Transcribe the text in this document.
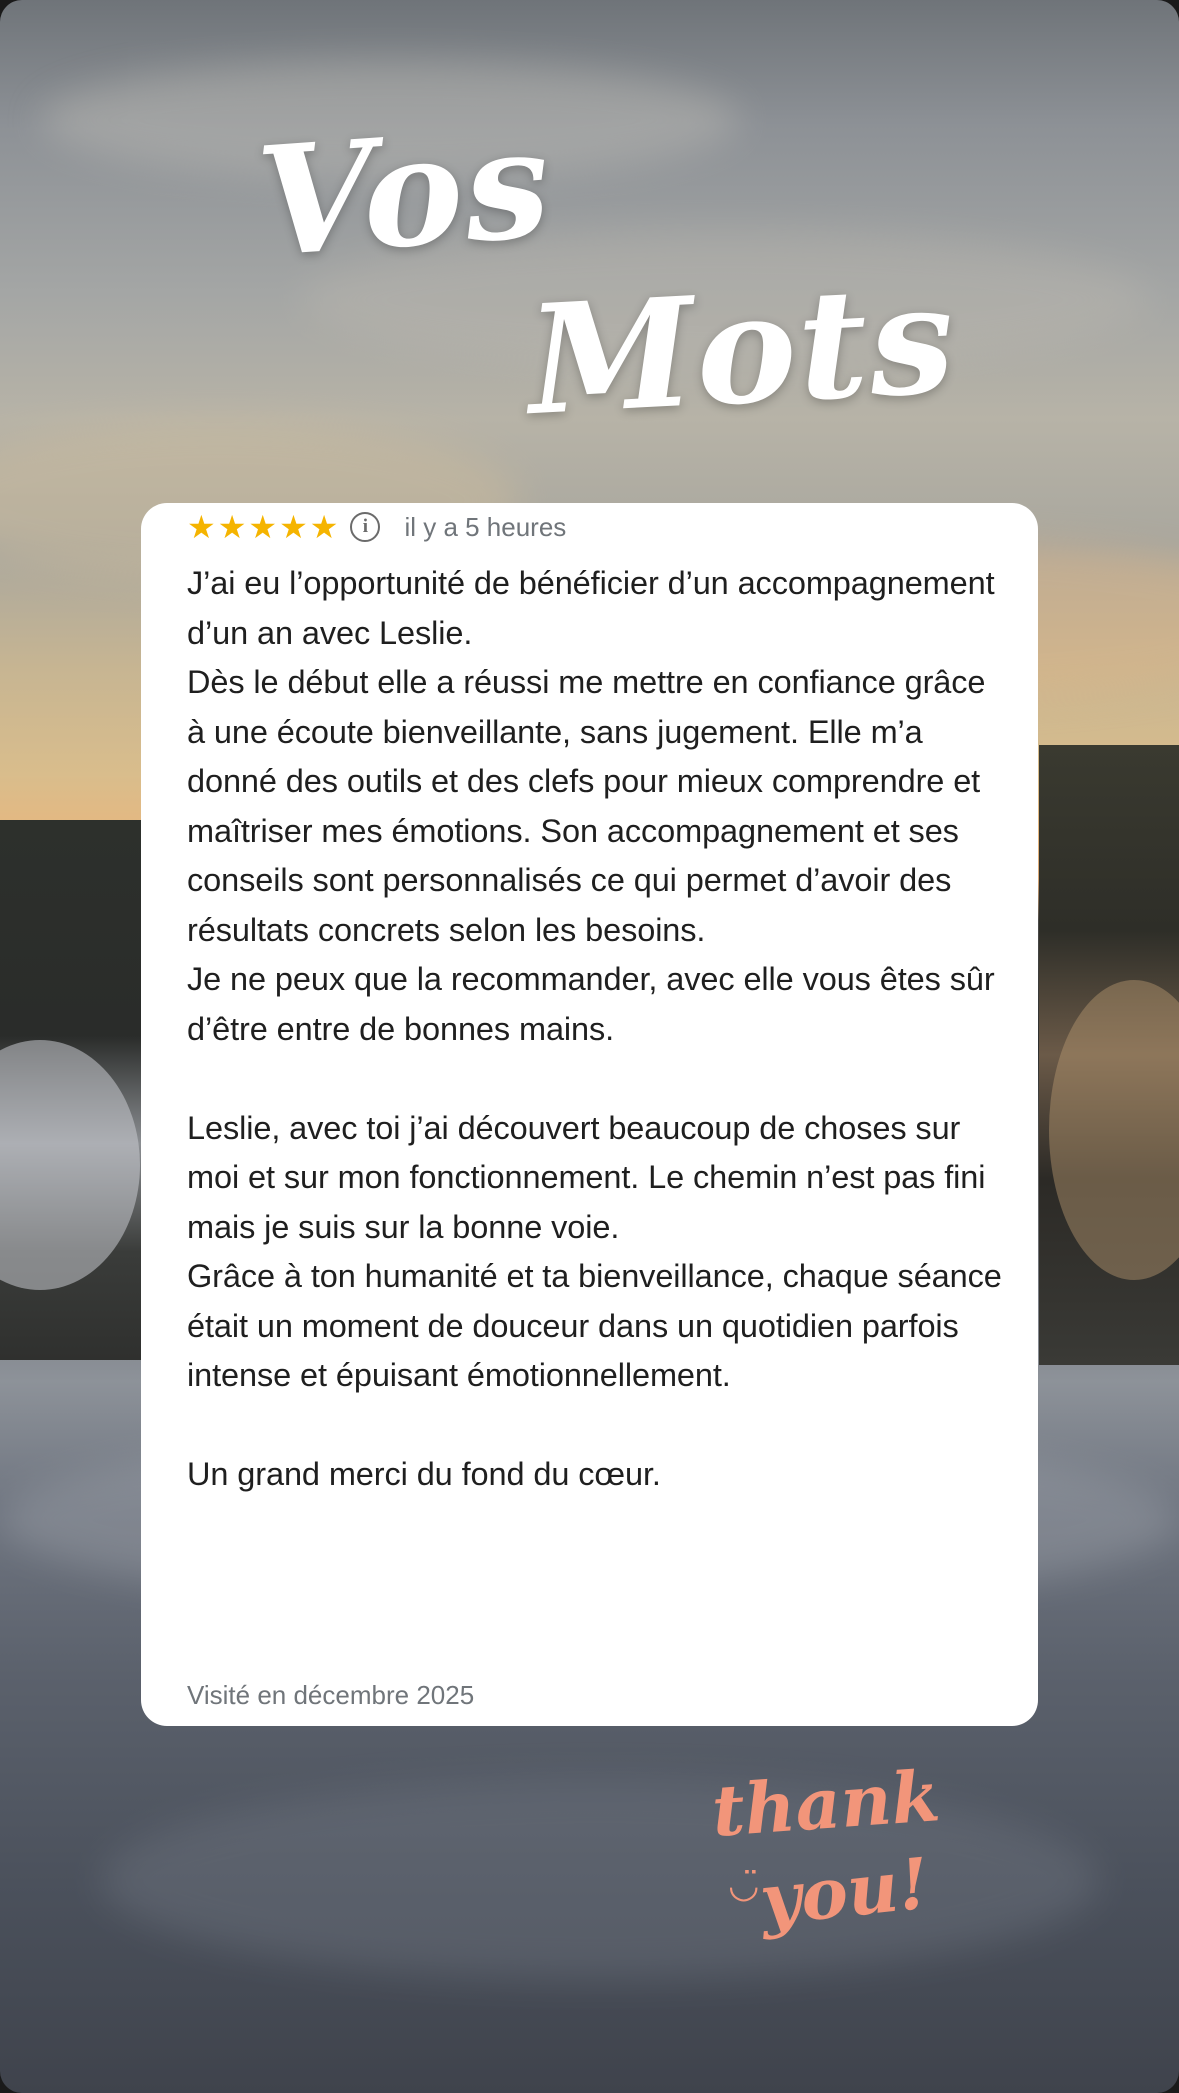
Vos
Mots
★ ★ ★ ★ ★	i	il y a 5 heures

J’ai eu l’opportunité de bénéficier d’un accompagnement d’un an avec Leslie.

Dès le début elle a réussi me mettre en confiance grâce à une écoute bienveillante, sans jugement. Elle m’a donné des outils et des clefs pour mieux comprendre et maîtriser mes émotions. Son accompagnement et ses conseils sont personnalisés ce qui permet d’avoir des résultats concrets selon les besoins.

Je ne peux que la recommander, avec elle vous êtes sûr d’être entre de bonnes mains.

Leslie, avec toi j’ai découvert beaucoup de choses sur moi et sur mon fonctionnement. Le chemin n’est pas fini mais je suis sur la bonne voie.

Grâce à ton humanité et ta bienveillance, chaque séance était un moment de douceur dans un quotidien parfois intense et épuisant émotionnellement.

Un grand merci du fond du cœur.

Visité en décembre 2025
thank
◡̈
you!
